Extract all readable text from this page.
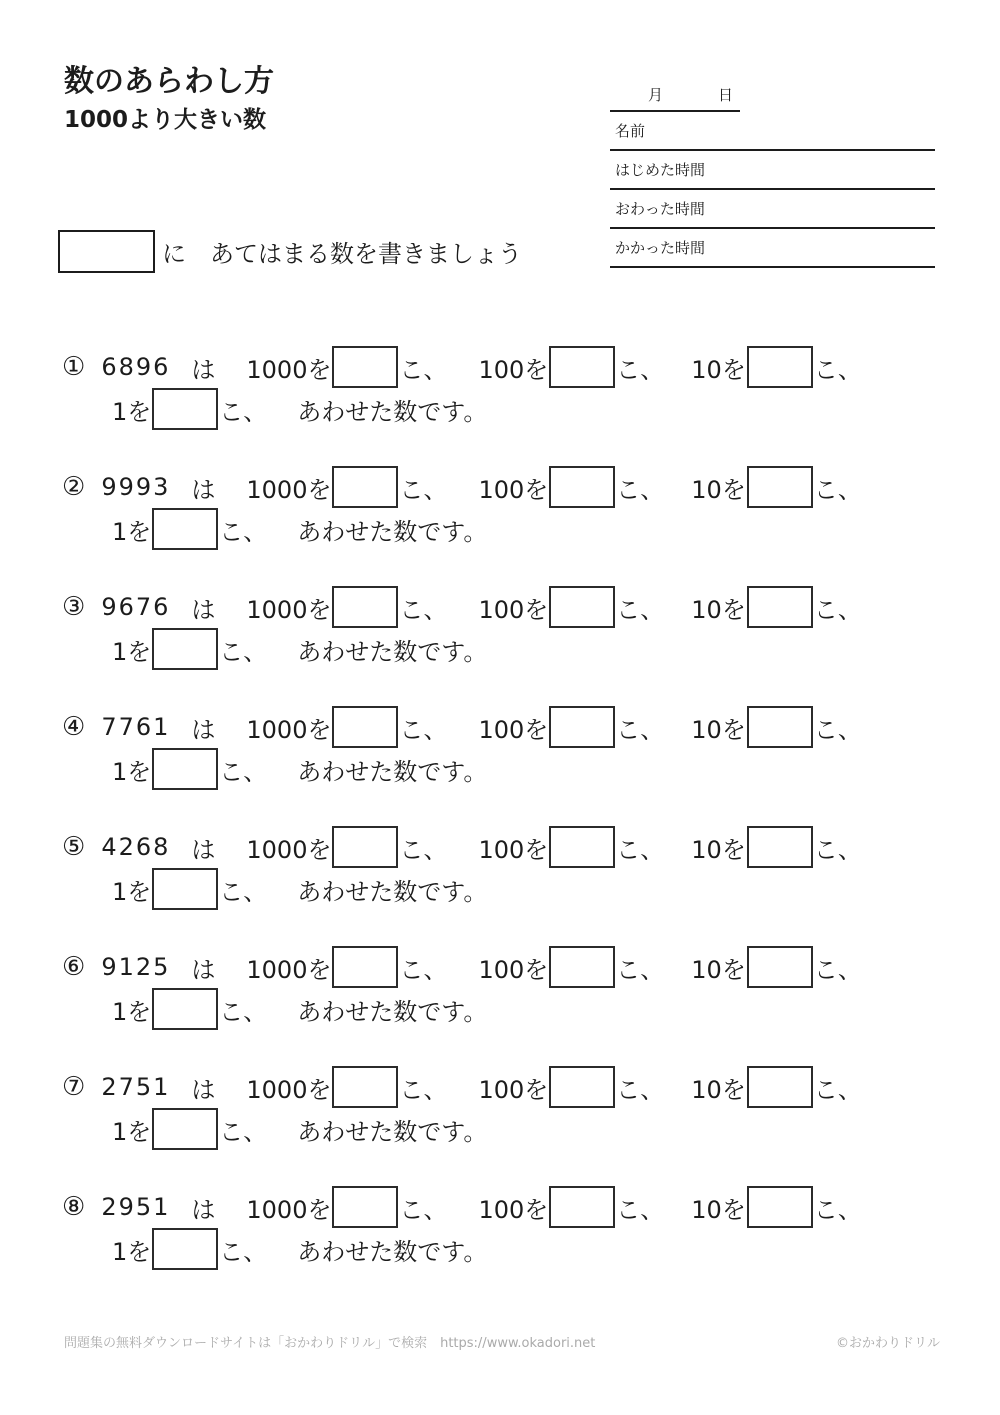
数のあらわし方
1000より大きい数
月	日
名前
はじめた時間
おわった時間
かかった時間
に　あてはまる数を書きましょう
① 6896 は 1000を	こ、 100を	こ、 10を	こ、
1を	こ、 あわせた数です。
② 9993 は 1000を	こ、 100を	こ、 10を	こ、
1を	こ、 あわせた数です。
③ 9676 は 1000を	こ、 100を	こ、 10を	こ、
1を	こ、 あわせた数です。
④ 7761 は 1000を	こ、 100を	こ、 10を	こ、
1を	こ、 あわせた数です。
⑤ 4268 は 1000を	こ、 100を	こ、 10を	こ、
1を	こ、 あわせた数です。
⑥ 9125 は 1000を	こ、 100を	こ、 10を	こ、
1を	こ、 あわせた数です。
⑦ 2751 は 1000を	こ、 100を	こ、 10を	こ、
1を	こ、 あわせた数です。
⑧ 2951 は 1000を	こ、 100を	こ、 10を	こ、
1を	こ、 あわせた数です。
問題集の無料ダウンロードサイトは「おかわりドリル」で検索　https://www.okadori.net	©おかわりドリル
